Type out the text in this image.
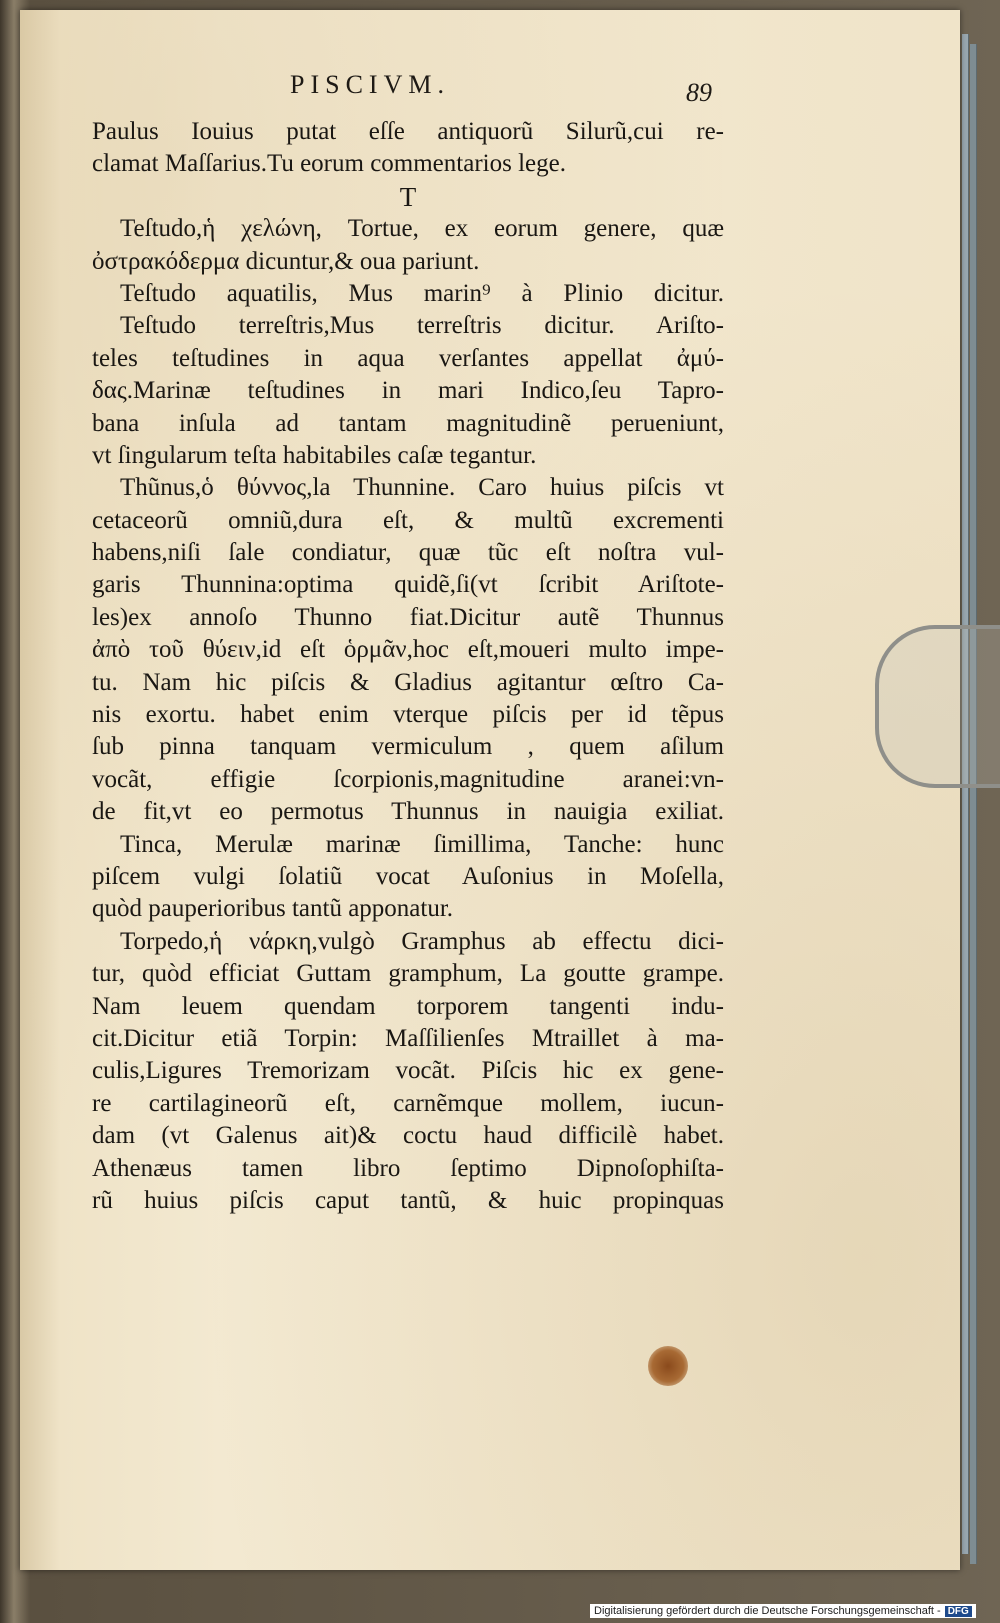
PISCIVM.	89
Paulus Iouius putat eſſe antiquorũ Silurũ,cui re-
clamat Maſſarius.Tu eorum commentarios lege.
T
Teſtudo,ἡ χελώνη, Tortue, ex eorum genere, quæ
ὀστρακόδερμα dicuntur,& oua pariunt.
Teſtudo aquatilis, Mus marin⁹ à Plinio dicitur.
Teſtudo terreſtris,Mus terreſtris dicitur. Ariſto-
teles teſtudines in aqua verſantes appellat ἀμύ-
δας.Marinæ teſtudines in mari Indico,ſeu Tapro-
bana inſula ad tantam magnitudinẽ perueniunt,
vt ſingularum teſta habitabiles caſæ tegantur.
Thũnus,ὁ θύννος,la Thunnine. Caro huius piſcis vt
cetaceorũ omniũ,dura eſt, & multũ excrementi
habens,niſi ſale condiatur, quæ tũc eſt noſtra vul-
garis Thunnina:optima quidẽ,ſi(vt ſcribit Ariſtote-
les)ex annoſo Thunno fiat.Dicitur autẽ Thunnus
ἀπὸ τοῦ θύειν,id eſt ὁρμᾶν,hoc eſt,moueri multo impe-
tu. Nam hic piſcis & Gladius agitantur œſtro Ca-
nis exortu. habet enim vterque piſcis per id tẽpus
ſub pinna tanquam vermiculum , quem aſilum
vocãt, effigie ſcorpionis,magnitudine aranei:vn-
de fit,vt eo permotus Thunnus in nauigia exiliat.
Tinca, Merulæ marinæ ſimillima, Tanche: hunc
piſcem vulgi ſolatiũ vocat Auſonius in Moſella,
quòd pauperioribus tantũ apponatur.
Torpedo,ἡ νάρκη,vulgò Gramphus ab effectu dici-
tur, quòd efficiat Guttam gramphum, La goutte grampe.
Nam leuem quendam torporem tangenti indu-
cit.Dicitur etiã Torpin: Maſſilienſes Mtraillet à ma-
culis,Ligures Tremorizam vocãt. Piſcis hic ex gene-
re cartilagineorũ eſt, carnẽmque mollem, iucun-
dam (vt Galenus ait)& coctu haud difficilè habet.
Athenæus tamen libro ſeptimo Dipnoſophiſta-
rũ huius piſcis caput tantũ, & huic propinquas
Digitalisierung gefördert durch die Deutsche Forschungsgemeinschaft - DFG
